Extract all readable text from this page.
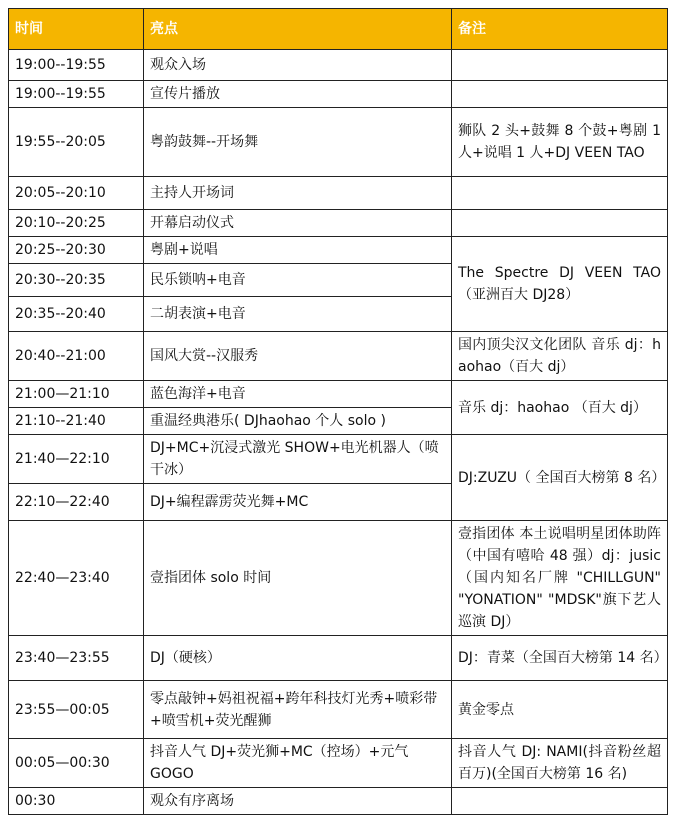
时间	亮点	备注
19:00--19:55	观众入场	
19:00--19:55	宣传片播放	
19:55--20:05	粤韵鼓舞--开场舞	狮队 2 头+鼓舞 8 个鼓+粤剧 1 人+说唱 1 人+DJ VEEN TAO
20:05--20:10	主持人开场词	
20:10--20:25	开幕启动仪式	
20:25--20:30	粤剧+说唱	The Spectre DJ VEEN TAO（亚洲百大 DJ28）
20:30--20:35	民乐锁呐+电音	
20:35--20:40	二胡表演+电音	
20:40--21:00	国风大赏--汉服秀	国内顶尖汉文化团队 音乐 dj：haohao（百大 dj）
21:00—21:10	蓝色海洋+电音	音乐 dj：haohao （百大 dj）
21:10--21:40	重温经典港乐( DJhaohao 个人 solo )	
21:40—22:10	DJ+MC+沉浸式激光 SHOW+电光机器人（喷干冰）	DJ:ZUZU（ 全国百大榜第 8 名）
22:10—22:40	DJ+编程霹雳荧光舞+MC	
22:40—23:40	壹指团体 solo 时间	壹指团体 本土说唱明星团体助阵（中国有嘻哈 48 强）dj：jusic （国内知名厂牌 "CHILLGUN" "YONATION" "MDSK"旗下艺人巡演 DJ）
23:40—23:55	DJ（硬核）	DJ：青菜（全国百大榜第 14 名）
23:55—00:05	零点敲钟+妈祖祝福+跨年科技灯光秀+喷彩带+喷雪机+荧光醒狮	黄金零点
00:05—00:30	抖音人气 DJ+荧光狮+MC（控场）+元气 GOGO	抖音人气 DJ: NAMI(抖音粉丝超百万)(全国百大榜第 16 名)
00:30	观众有序离场	
